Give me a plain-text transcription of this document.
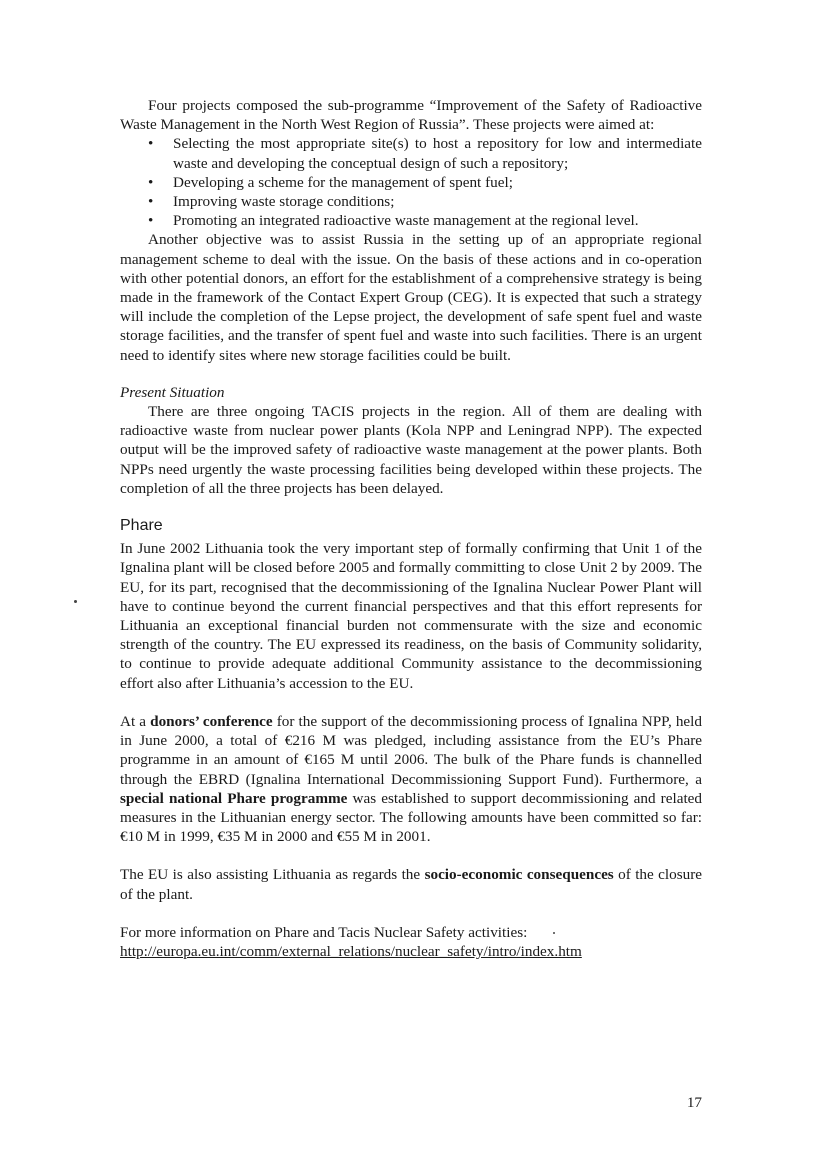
Four projects composed the sub-programme “Improvement of the Safety of Radioactive Waste Management in the North West Region of Russia”. These projects were aimed at:

• Selecting the most appropriate site(s) to host a repository for low and intermediate waste and developing the conceptual design of such a repository;
• Developing a scheme for the management of spent fuel;
• Improving waste storage conditions;
• Promoting an integrated radioactive waste management at the regional level.

Another objective was to assist Russia in the setting up of an appropriate regional management scheme to deal with the issue. On the basis of these actions and in co-operation with other potential donors, an effort for the establishment of a comprehensive strategy is being made in the framework of the Contact Expert Group (CEG). It is expected that such a strategy will include the completion of the Lepse project, the development of safe spent fuel and waste storage facilities, and the transfer of spent fuel and waste into such facilities. There is an urgent need to identify sites where new storage facilities could be built.

Present Situation

There are three ongoing TACIS projects in the region. All of them are dealing with radioactive waste from nuclear power plants (Kola NPP and Leningrad NPP). The expected output will be the improved safety of radioactive waste management at the power plants. Both NPPs need urgently the waste processing facilities being developed within these projects. The completion of all the three projects has been delayed.

Phare

In June 2002 Lithuania took the very important step of formally confirming that Unit 1 of the Ignalina plant will be closed before 2005 and formally committing to close Unit 2 by 2009. The EU, for its part, recognised that the decommissioning of the Ignalina Nuclear Power Plant will have to continue beyond the current financial perspectives and that this effort represents for Lithuania an exceptional financial burden not commensurate with the size and economic strength of the country. The EU expressed its readiness, on the basis of Community solidarity, to continue to provide adequate additional Community assistance to the decommissioning effort also after Lithuania’s accession to the EU.

At a donors’ conference for the support of the decommissioning process of Ignalina NPP, held in June 2000, a total of €216 M was pledged, including assistance from the EU’s Phare programme in an amount of €165 M until 2006. The bulk of the Phare funds is channelled through the EBRD (Ignalina International Decommissioning Support Fund). Furthermore, a special national Phare programme was established to support decommissioning and related measures in the Lithuanian energy sector. The following amounts have been committed so far: €10 M in 1999, €35 M in 2000 and €55 M in 2001.

The EU is also assisting Lithuania as regards the socio-economic consequences of the closure of the plant.

For more information on Phare and Tacis Nuclear Safety activities:

http://europa.eu.int/comm/external_relations/nuclear_safety/intro/index.htm

17
